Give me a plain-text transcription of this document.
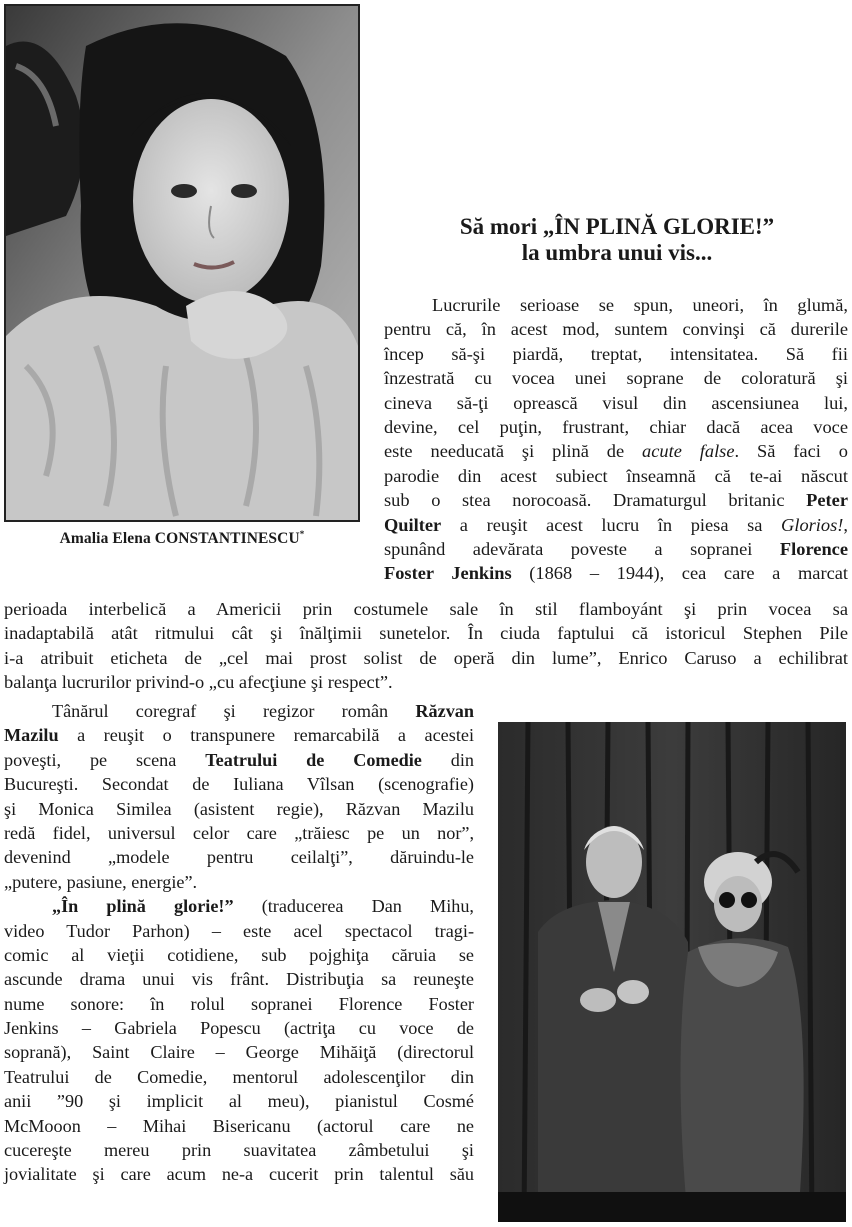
Amalia Elena CONSTANTINESCU*
Să mori „ÎN PLINĂ GLORIE!”
la umbra unui vis...
Lucrurile serioase se spun, uneori, în glumă,
pentru că, în acest mod, suntem convinşi că durerile
încep să-şi piardă, treptat, intensitatea. Să fii
înzestrată cu vocea unei soprane de coloratură şi
cineva să-ţi oprească visul din ascensiunea lui,
devine, cel puţin, frustrant, chiar dacă acea voce
este needucată şi plină de acute false. Să faci o
parodie din acest subiect înseamnă că te-ai născut
sub o stea norocoasă. Dramaturgul britanic Peter
Quilter a reuşit acest lucru în piesa sa Glorios!,
spunând adevărata poveste a sopranei Florence
Foster Jenkins (1868 – 1944), cea care a marcat
perioada interbelică a Americii prin costumele sale în stil flamboyánt şi prin vocea sa
inadaptabilă atât ritmului cât şi înălţimii sunetelor. În ciuda faptului că istoricul Stephen Pile
i-a atribuit eticheta de „cel mai prost solist de operă din lume”, Enrico Caruso a echilibrat
balanţa lucrurilor privind-o „cu afecţiune şi respect”.
Tânărul coregraf şi regizor român Răzvan
Mazilu a reuşit o transpunere remarcabilă a acestei
poveşti, pe scena Teatrului de Comedie din
Bucureşti. Secondat de Iuliana Vîlsan (scenografie)
şi Monica Similea (asistent regie), Răzvan Mazilu
redă fidel, universul celor care „trăiesc pe un nor”,
devenind „modele pentru ceilalţi”, dăruindu-le
„putere, pasiune, energie”.
„În plină glorie!” (traducerea Dan Mihu,
video Tudor Parhon) – este acel spectacol tragi-
comic al vieţii cotidiene, sub pojghiţa căruia se
ascunde drama unui vis frânt. Distribuţia sa reuneşte
nume sonore: în rolul sopranei Florence Foster
Jenkins – Gabriela Popescu (actriţa cu voce de
soprană), Saint Claire – George Mihăiţă (directorul
Teatrului de Comedie, mentorul adolescenţilor din
anii ”90 şi implicit al meu), pianistul Cosmé
McMooon – Mihai Bisericanu (actorul care ne
cucereşte mereu prin suavitatea zâmbetului şi
jovialitate şi care acum ne-a cucerit prin talentul său
